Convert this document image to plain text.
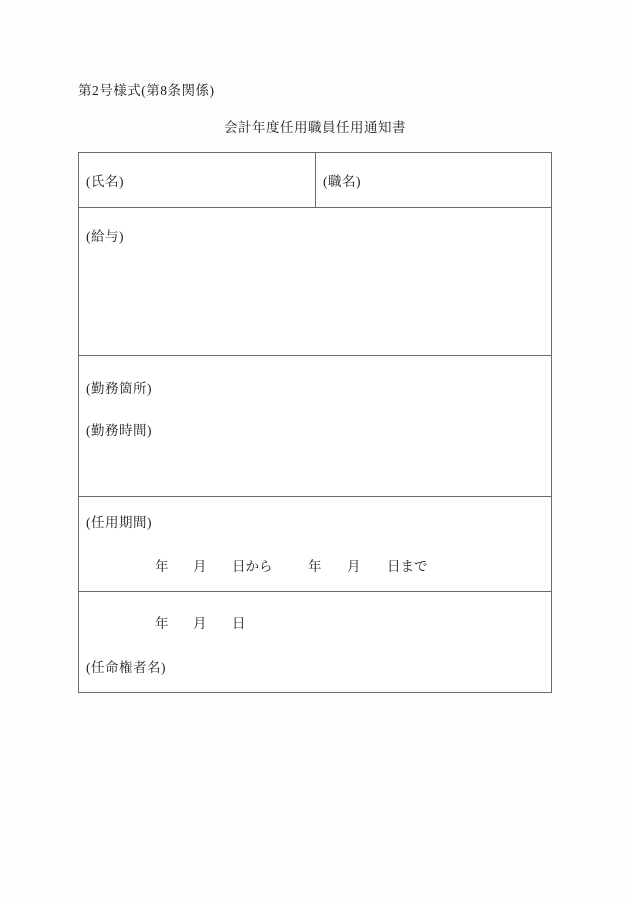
第2号様式(第8条関係)
会計年度任用職員任用通知書
(氏名)	(職名)
(給与)
(勤務箇所)
(勤務時間)
(任用期間)
年 月 日から	年 月 日まで
年 月 日
(任命権者名)
